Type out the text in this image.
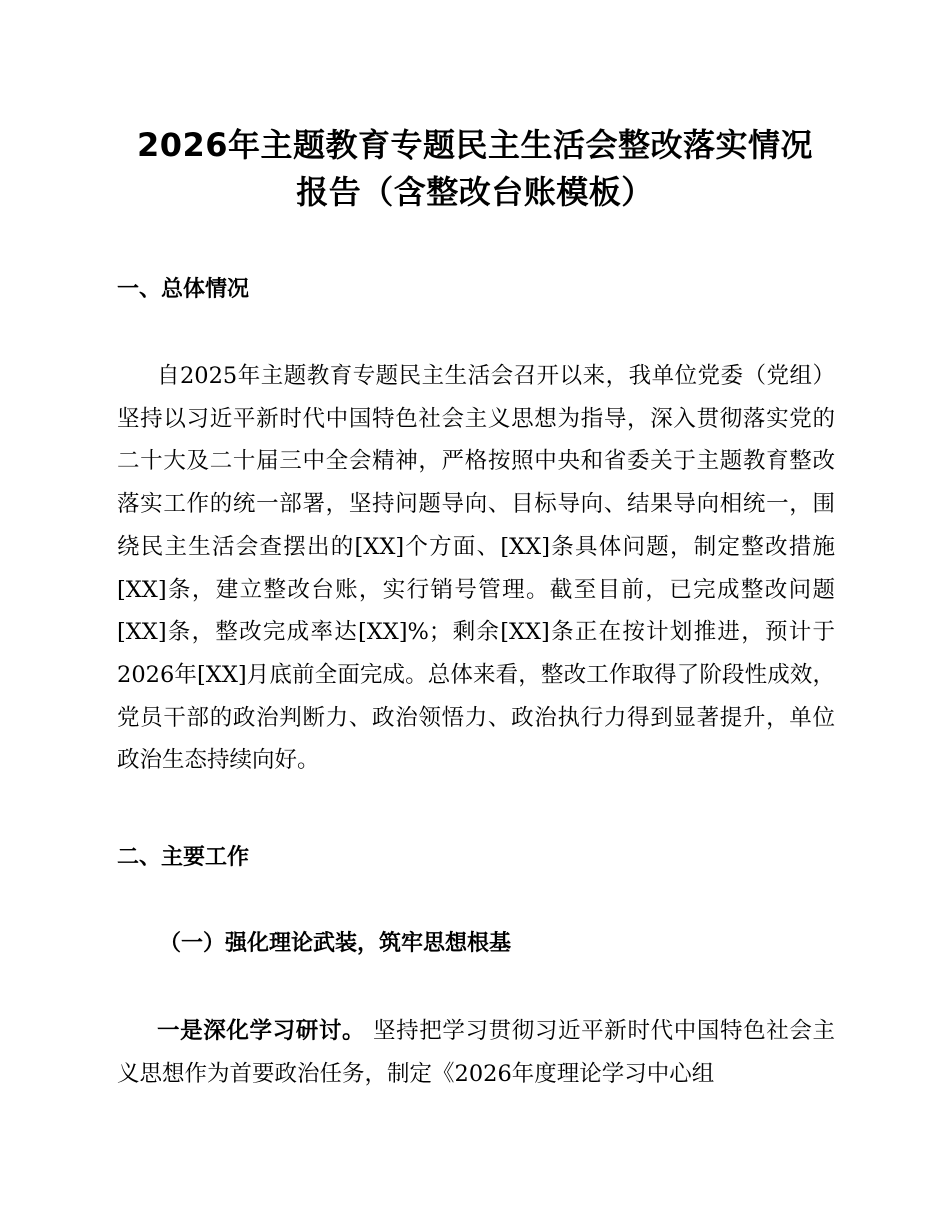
2026年主题教育专题民主生活会整改落实情况
报告（含整改台账模板）
一、总体情况
自2025年主题教育专题民主生活会召开以来，我单位党委（党组）坚持以习近平新时代中国特色社会主义思想为指导，深入贯彻落实党的二十大及二十届三中全会精神，严格按照中央和省委关于主题教育整改落实工作的统一部署，坚持问题导向、目标导向、结果导向相统一，围绕民主生活会查摆出的[XX]个方面、[XX]条具体问题，制定整改措施[XX]条，建立整改台账，实行销号管理。截至目前，已完成整改问题[XX]条，整改完成率达[XX]%；剩余[XX]条正在按计划推进，预计于2026年[XX]月底前全面完成。总体来看，整改工作取得了阶段性成效，党员干部的政治判断力、政治领悟力、政治执行力得到显著提升，单位政治生态持续向好。
二、主要工作
（一）强化理论武装，筑牢思想根基
一是深化学习研讨。 坚持把学习贯彻习近平新时代中国特色社会主义思想作为首要政治任务，制定《2026年度理论学习中心组
